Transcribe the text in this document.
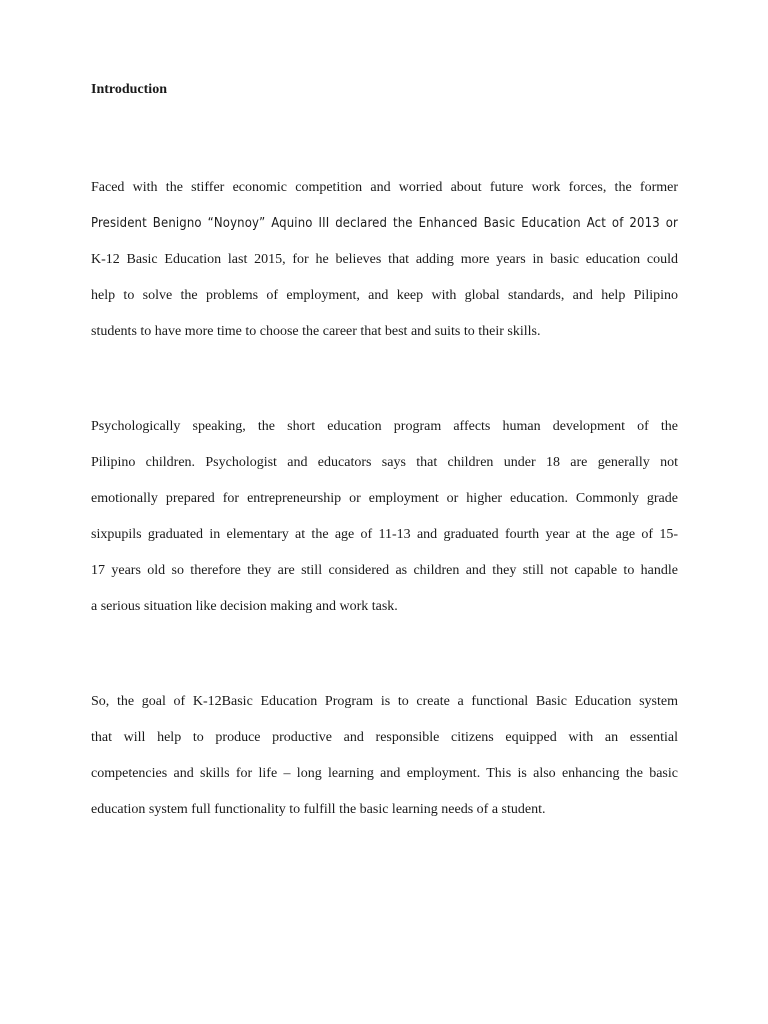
Introduction
Faced with the stiffer economic competition and worried about future work forces, the former
President Benigno “Noynoy” Aquino III declared the Enhanced Basic Education Act of 2013 or
K-12 Basic Education last 2015, for he believes that adding more years in basic education could
help to solve the problems of employment, and keep with global standards, and help Pilipino
students to have more time to choose the career that best and suits to their skills.
Psychologically speaking, the short education program affects human development of the
Pilipino children. Psychologist and educators says that children under 18 are generally not
emotionally prepared for entrepreneurship or employment or higher education. Commonly grade
sixpupils graduated in elementary at the age of 11-13 and graduated fourth year at the age of 15-
17 years old so therefore they are still considered as children and they still not capable to handle
a serious situation like decision making and work task.
So, the goal of K-12Basic Education Program is to create a functional Basic Education system
that will help to produce productive and responsible citizens equipped with an essential
competencies and skills for life – long learning and employment. This is also enhancing the basic
education system full functionality to fulfill the basic learning needs of a student.
